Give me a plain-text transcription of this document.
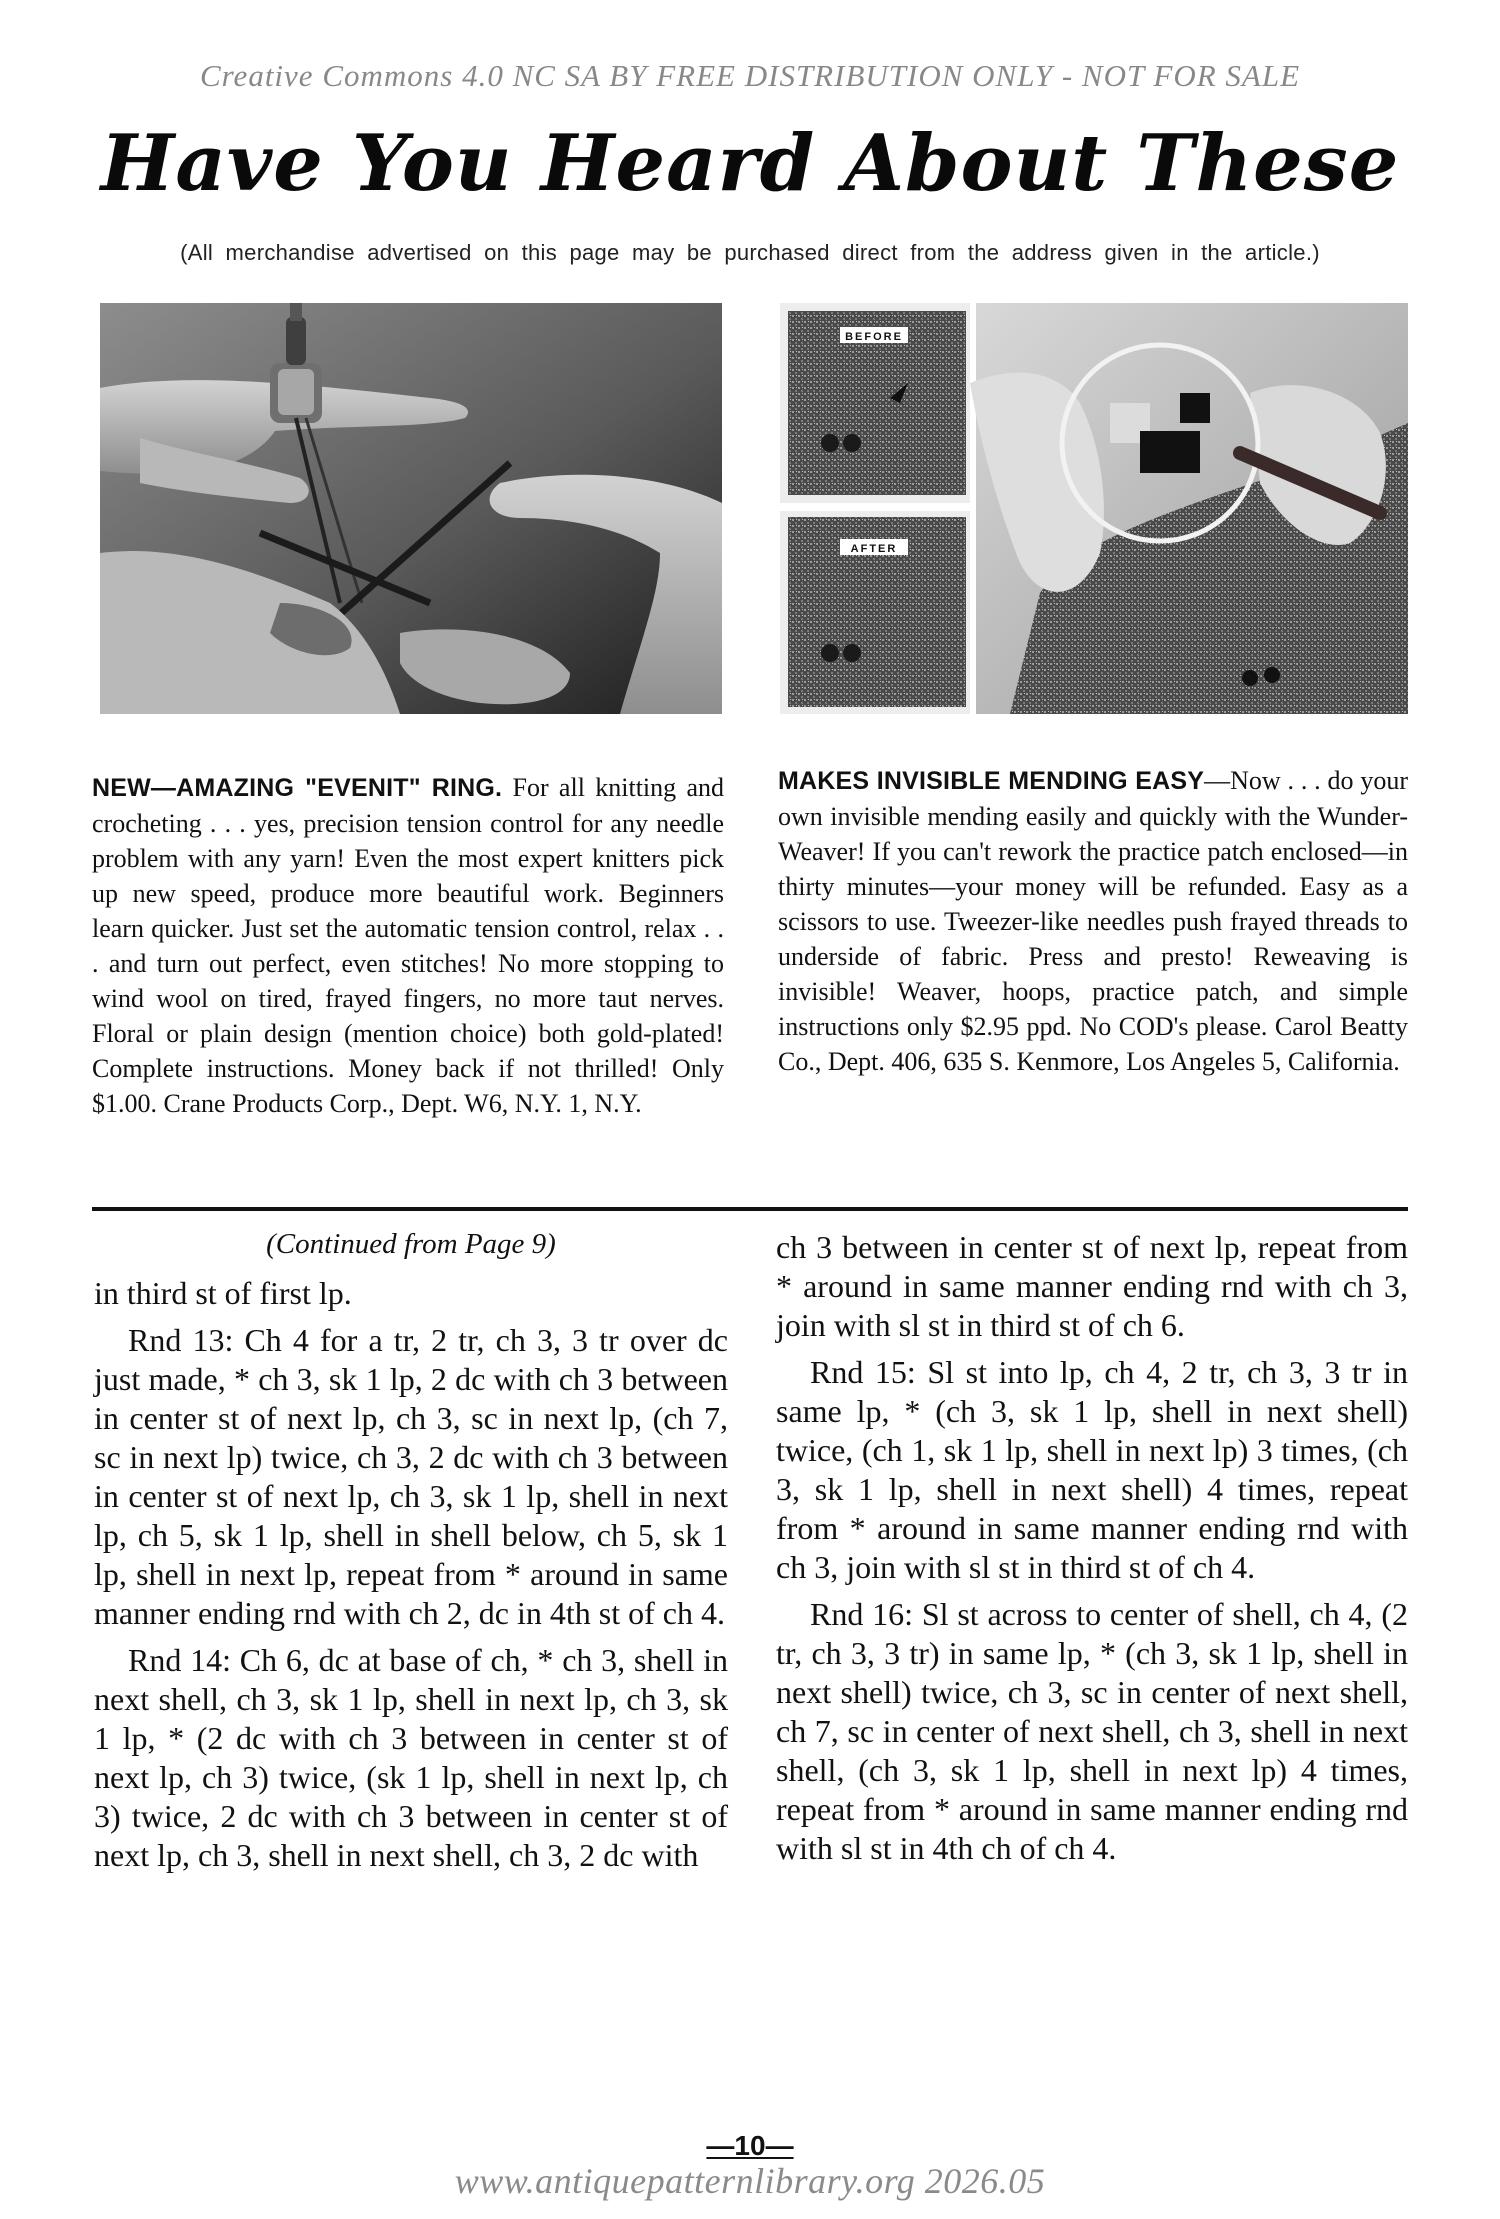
Creative Commons 4.0 NC SA BY FREE DISTRIBUTION ONLY - NOT FOR SALE
Have You Heard About These
(All merchandise advertised on this page may be purchased direct from the address given in the article.)
BEFORE
AFTER
NEW—AMAZING "EVENIT" RING. For all knitting and crocheting . . . yes, precision tension control for any needle problem with any yarn! Even the most expert knitters pick up new speed, produce more beautiful work. Beginners learn quicker. Just set the automatic tension control, relax . . . and turn out perfect, even stitches! No more stopping to wind wool on tired, frayed fingers, no more taut nerves. Floral or plain design (mention choice) both gold-plated! Complete instructions. Money back if not thrilled! Only $1.00. Crane Products Corp., Dept. W6, N.Y. 1, N.Y.
MAKES INVISIBLE MENDING EASY—Now . . . do your own invisible mending easily and quickly with the Wunder-Weaver! If you can't rework the practice patch enclosed—in thirty minutes—your money will be refunded. Easy as a scissors to use. Tweezer-like needles push frayed threads to underside of fabric. Press and presto! Reweaving is invisible! Weaver, hoops, practice patch, and simple instructions only $2.95 ppd. No COD's please. Carol Beatty Co., Dept. 406, 635 S. Kenmore, Los Angeles 5, California.
(Continued from Page 9)

in third st of first lp.

Rnd 13: Ch 4 for a tr, 2 tr, ch 3, 3 tr over dc just made, * ch 3, sk 1 lp, 2 dc with ch 3 between in center st of next lp, ch 3, sc in next lp, (ch 7, sc in next lp) twice, ch 3, 2 dc with ch 3 between in center st of next lp, ch 3, sk 1 lp, shell in next lp, ch 5, sk 1 lp, shell in shell below, ch 5, sk 1 lp, shell in next lp, repeat from * around in same manner ending rnd with ch 2, dc in 4th st of ch 4.

Rnd 14: Ch 6, dc at base of ch, * ch 3, shell in next shell, ch 3, sk 1 lp, shell in next lp, ch 3, sk 1 lp, * (2 dc with ch 3 between in center st of next lp, ch 3) twice, (sk 1 lp, shell in next lp, ch 3) twice, 2 dc with ch 3 between in center st of next lp, ch 3, shell in next shell, ch 3, 2 dc with

ch 3 between in center st of next lp, repeat from * around in same manner ending rnd with ch 3, join with sl st in third st of ch 6.

Rnd 15: Sl st into lp, ch 4, 2 tr, ch 3, 3 tr in same lp, * (ch 3, sk 1 lp, shell in next shell) twice, (ch 1, sk 1 lp, shell in next lp) 3 times, (ch 3, sk 1 lp, shell in next shell) 4 times, repeat from * around in same manner ending rnd with ch 3, join with sl st in third st of ch 4.

Rnd 16: Sl st across to center of shell, ch 4, (2 tr, ch 3, 3 tr) in same lp, * (ch 3, sk 1 lp, shell in next shell) twice, ch 3, sc in center of next shell, ch 7, sc in center of next shell, ch 3, shell in next shell, (ch 3, sk 1 lp, shell in next lp) 4 times, repeat from * around in same manner ending rnd with sl st in 4th ch of ch 4.

—10—
www.antiquepatternlibrary.org 2026.05
